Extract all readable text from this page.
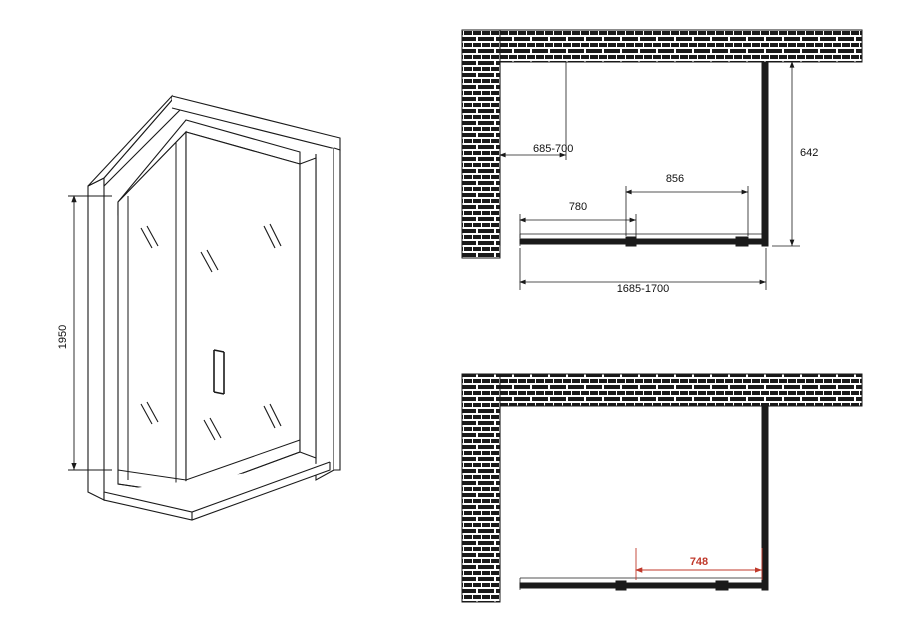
1950
685-700	642
856
780
1685-1700
748
